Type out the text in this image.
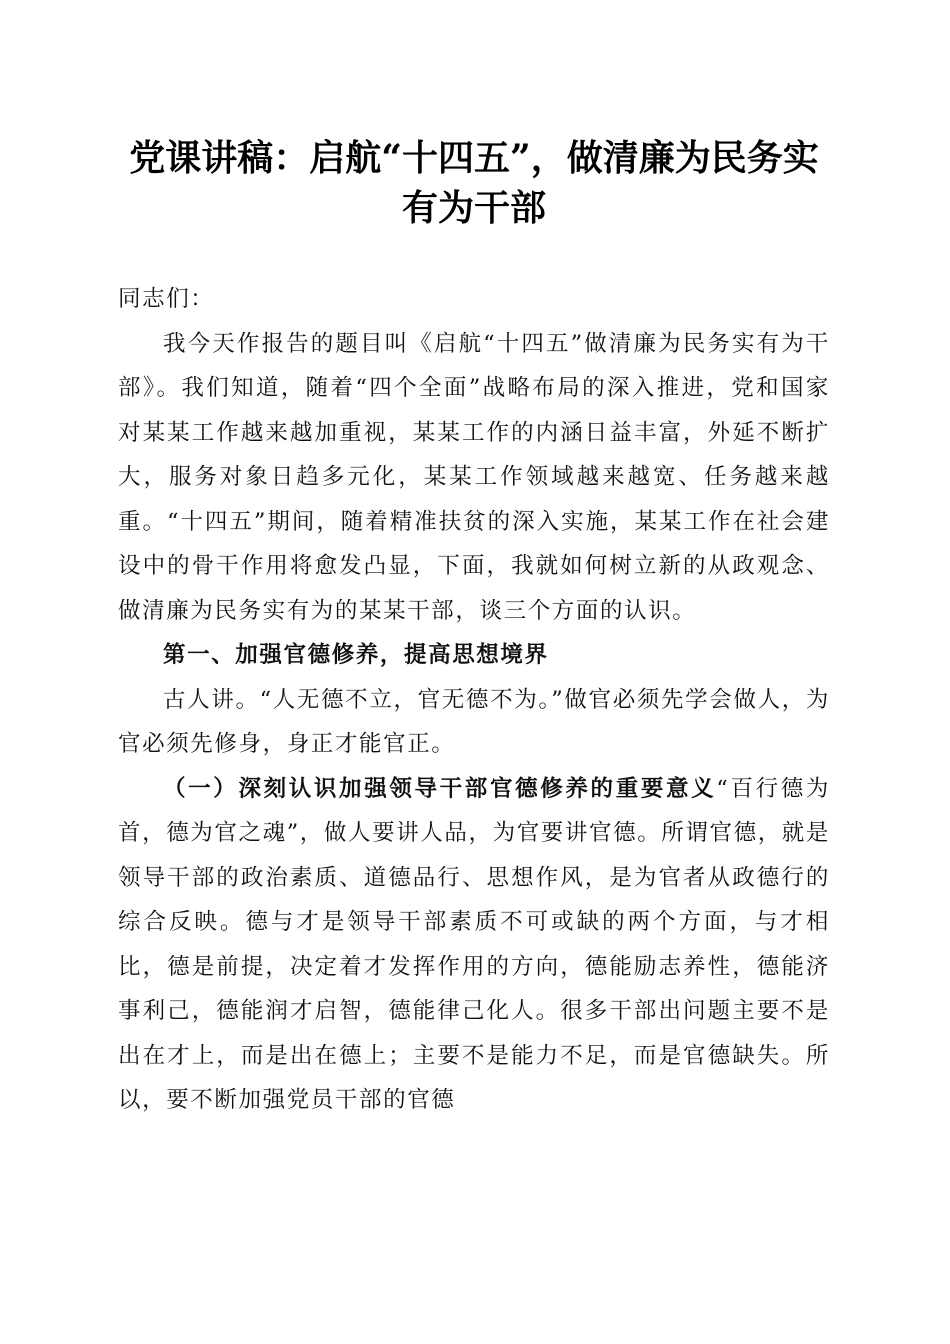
党课讲稿：启航“十四五”，做清廉为民务实
有为干部

同志们：

我今天作报告的题目叫《启航“十四五”做清廉为民务实有为干部》。我们知道，随着“四个全面”战略布局的深入推进，党和国家对某某工作越来越加重视，某某工作的内涵日益丰富，外延不断扩大，服务对象日趋多元化，某某工作领域越来越宽、任务越来越重。“十四五”期间，随着精准扶贫的深入实施，某某工作在社会建设中的骨干作用将愈发凸显，下面，我就如何树立新的从政观念、做清廉为民务实有为的某某干部，谈三个方面的认识。

第一、加强官德修养，提高思想境界

古人讲。“人无德不立，官无德不为。”做官必须先学会做人，为官必须先修身，身正才能官正。

（一）深刻认识加强领导干部官德修养的重要意义“百行德为首，德为官之魂”，做人要讲人品，为官要讲官德。所谓官德，就是领导干部的政治素质、道德品行、思想作风，是为官者从政德行的综合反映。德与才是领导干部素质不可或缺的两个方面，与才相比，德是前提，决定着才发挥作用的方向，德能励志养性，德能济事利己，德能润才启智，德能律己化人。很多干部出问题主要不是出在才上，而是出在德上；主要不是能力不足，而是官德缺失。所以，要不断加强党员干部的官德
